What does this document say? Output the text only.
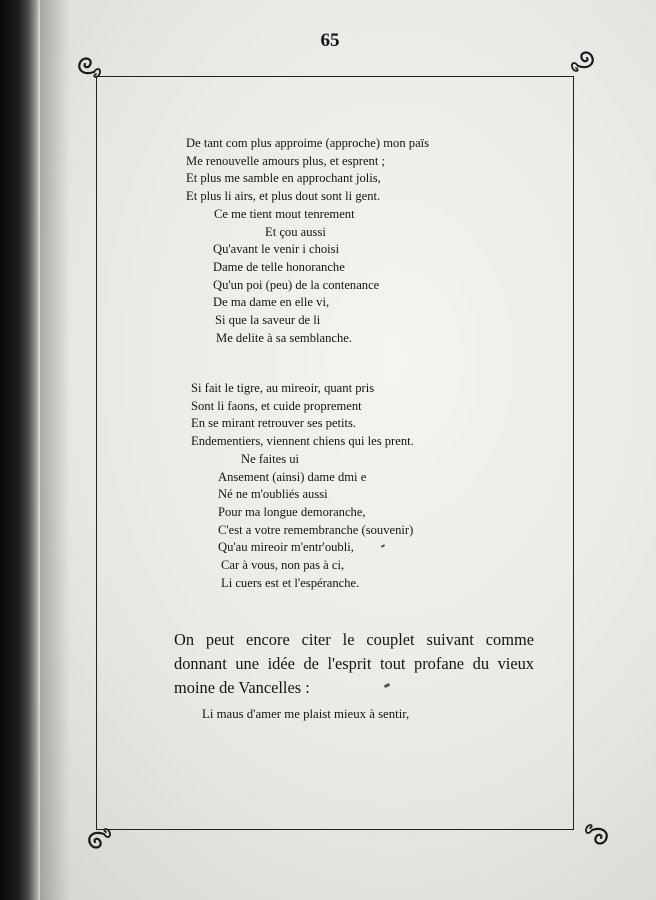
65
De tant com plus approime (approche) mon païs
Me renouvelle amours plus, et esprent ;
Et plus me samble en approchant jolis,
Et plus li airs, et plus dout sont li gent.
Ce me tient mout tenrement
Et çou aussi
Qu'avant le venir i choisi
Dame de telle honoranche
Qu'un poi (peu) de la contenance
De ma dame en elle vi,
Si que la saveur de li
Me delite à sa semblanche.
Si fait le tigre, au mireoir, quant pris
Sont li faons, et cuide proprement
En se mirant retrouver ses petits.
Endementiers, viennent chiens qui les prent.
Ne faites ui
Ansement (ainsi) dame dmi e
Né ne m'oubliés aussi
Pour ma longue demoranche,
C'est a votre remembranche (souvenir)
Qu'au mireoir m'entr'oubli,
Car à vous, non pas à ci,
Li cuers est et l'espéranche.
On peut encore citer le couplet suivant comme donnant une idée de l'esprit tout profane du vieux moine de Vancelles :
Li maus d'amer me plaist mieux à sentir,
